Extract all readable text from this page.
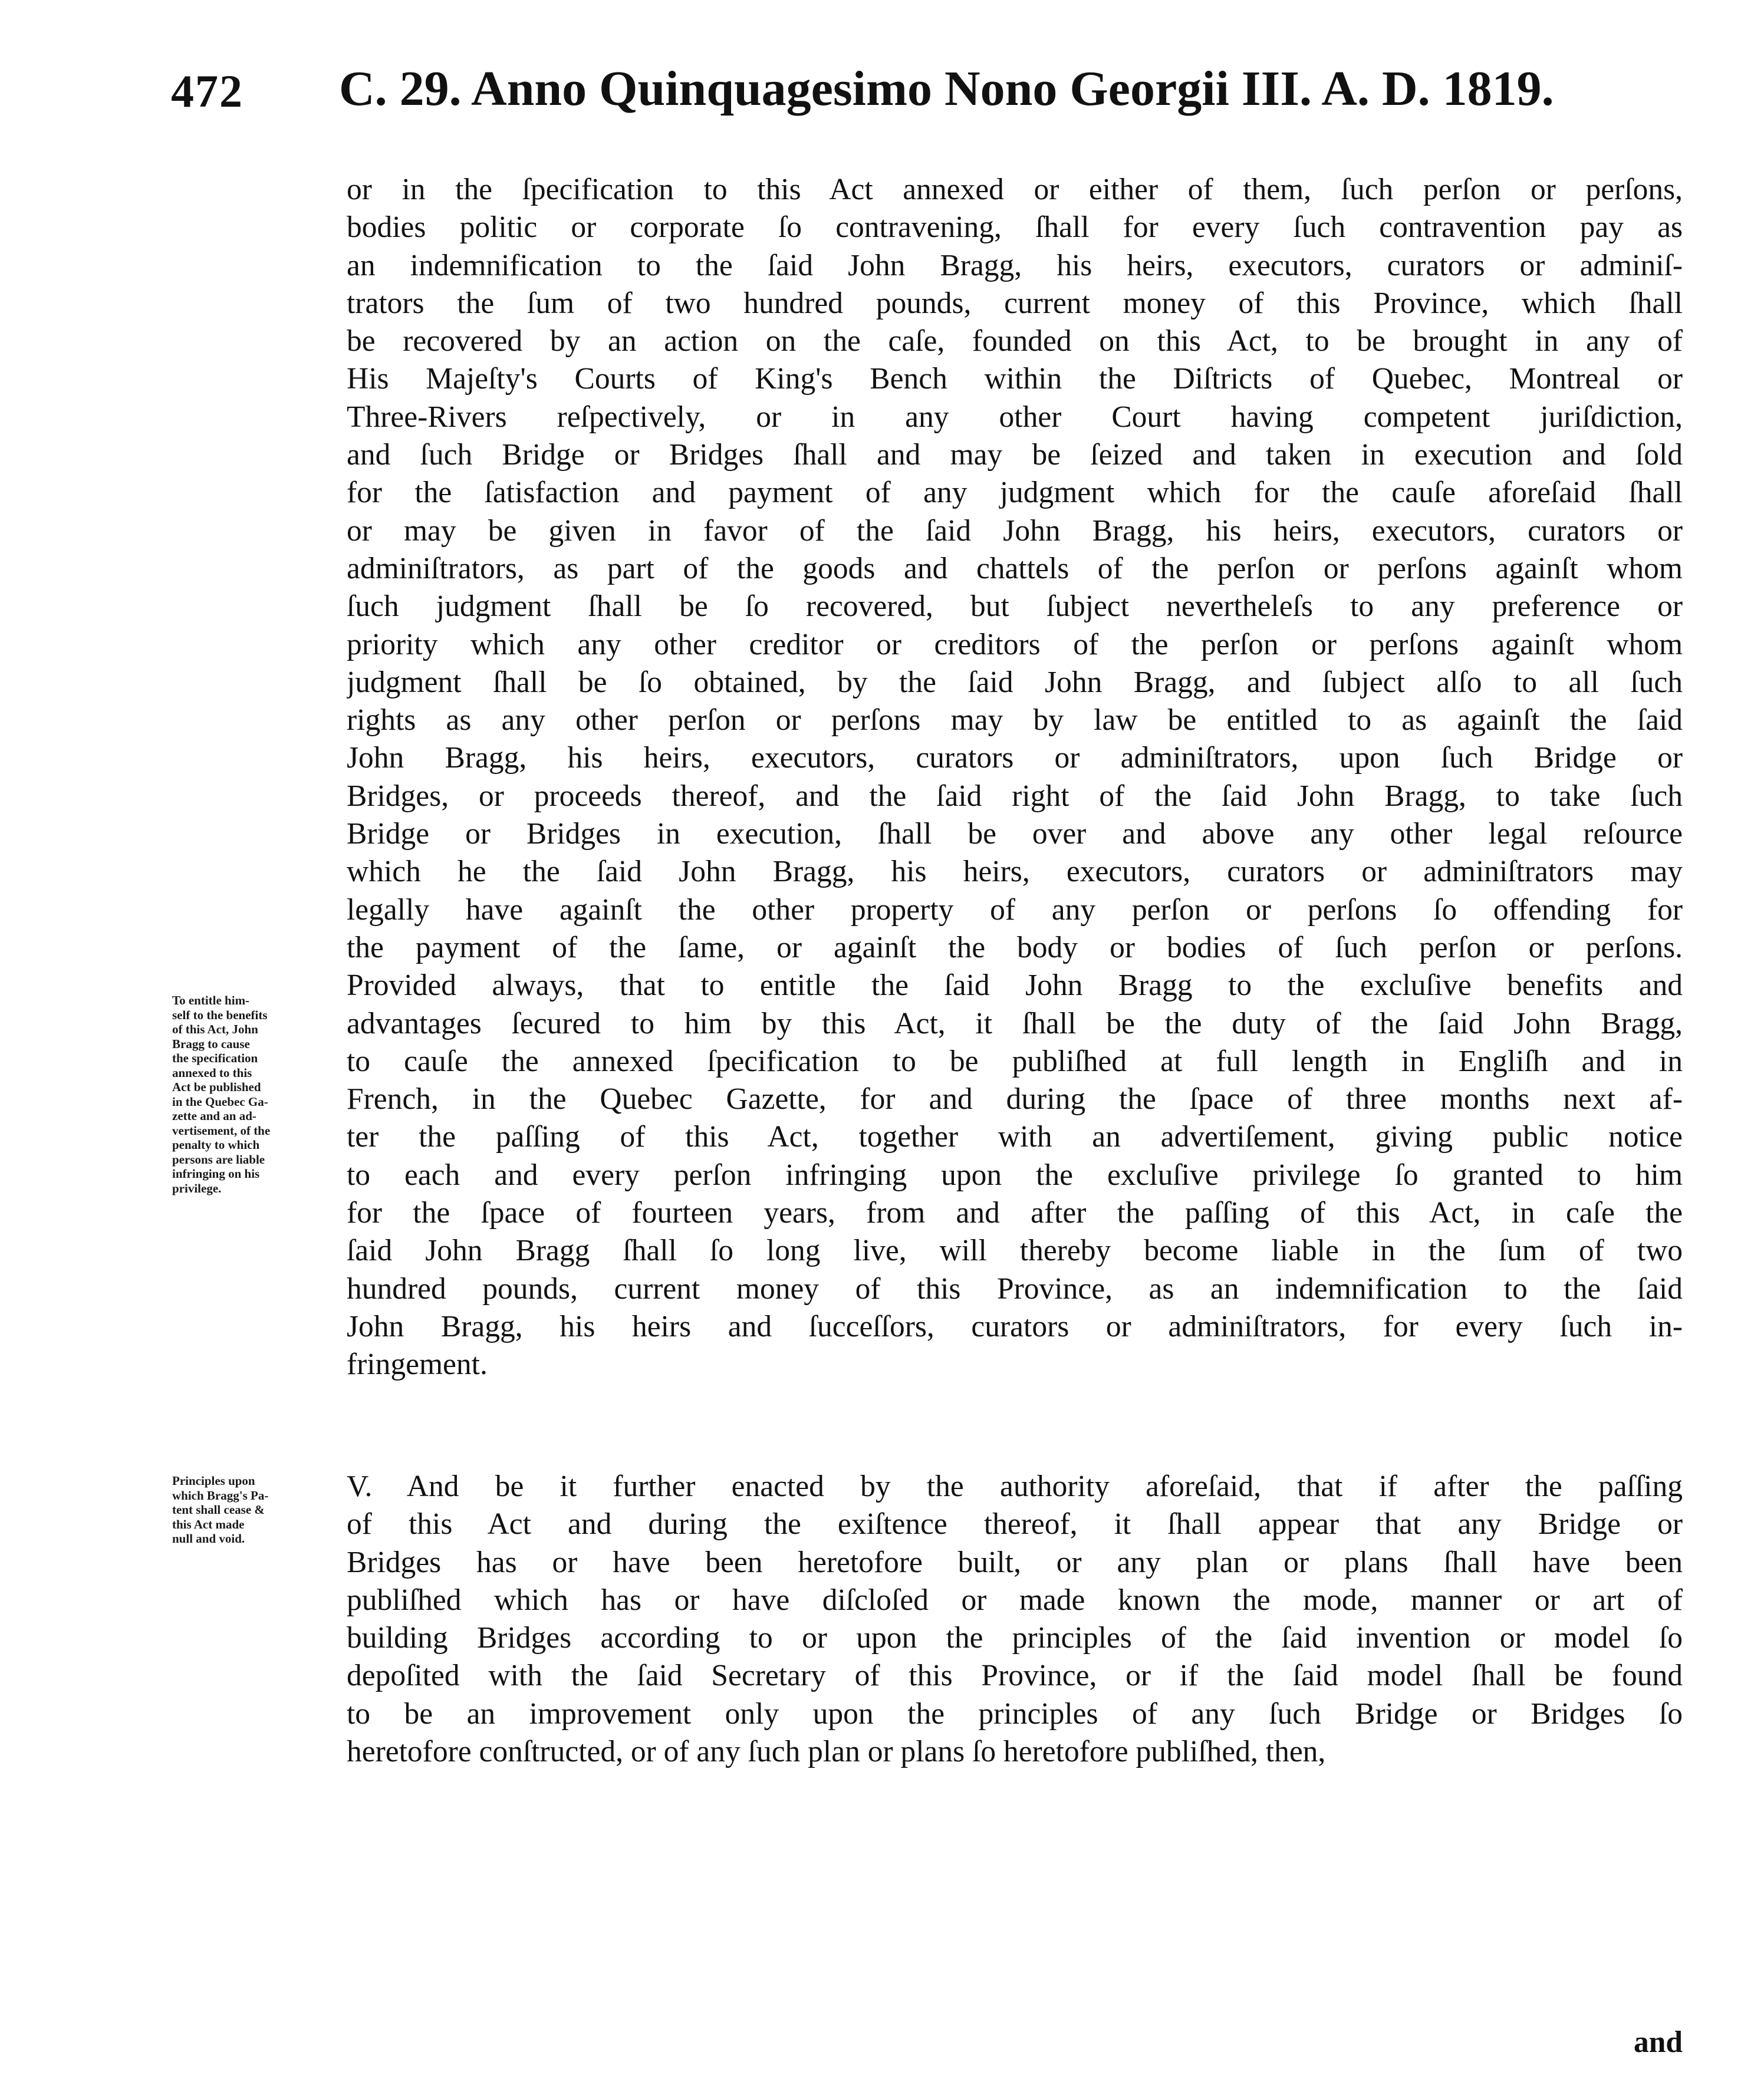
472 C. 29. Anno Quinquagesimo Nono Georgii III. A. D. 1819.
To entitle him-
self to the benefits
of this Act, John
Bragg to cause
the specification
annexed to this
Act be published
in the Quebec Ga-
zette and an ad-
vertisement, of the
penalty to which
persons are liable
infringing on his
privilege.
Principles upon
which Bragg's Pa-
tent shall cease &
this Act made
null and void.
or in the ſpecification to this Act annexed or either of them, ſuch perſon or perſons,
bodies politic or corporate ſo contravening, ſhall for every ſuch contravention pay as
an indemnification to the ſaid John Bragg, his heirs, executors, curators or adminiſ-
trators the ſum of two hundred pounds, current money of this Province, which ſhall
be recovered by an action on the caſe, founded on this Act, to be brought in any of
His Majeſty's Courts of King's Bench within the Diſtricts of Quebec, Montreal or
Three-Rivers reſpectively, or in any other Court having competent juriſdiction,
and ſuch Bridge or Bridges ſhall and may be ſeized and taken in execution and ſold
for the ſatisfaction and payment of any judgment which for the cauſe aforeſaid ſhall
or may be given in favor of the ſaid John Bragg, his heirs, executors, curators or
adminiſtrators, as part of the goods and chattels of the perſon or perſons againſt whom
ſuch judgment ſhall be ſo recovered, but ſubject nevertheleſs to any preference or
priority which any other creditor or creditors of the perſon or perſons againſt whom
judgment ſhall be ſo obtained, by the ſaid John Bragg, and ſubject alſo to all ſuch
rights as any other perſon or perſons may by law be entitled to as againſt the ſaid
John Bragg, his heirs, executors, curators or adminiſtrators, upon ſuch Bridge or
Bridges, or proceeds thereof, and the ſaid right of the ſaid John Bragg, to take ſuch
Bridge or Bridges in execution, ſhall be over and above any other legal reſource
which he the ſaid John Bragg, his heirs, executors, curators or adminiſtrators may
legally have againſt the other property of any perſon or perſons ſo offending for
the payment of the ſame, or againſt the body or bodies of ſuch perſon or perſons.
Provided always, that to entitle the ſaid John Bragg to the excluſive benefits and
advantages ſecured to him by this Act, it ſhall be the duty of the ſaid John Bragg,
to cauſe the annexed ſpecification to be publiſhed at full length in Engliſh and in
French, in the Quebec Gazette, for and during the ſpace of three months next af-
ter the paſſing of this Act, together with an advertiſement, giving public notice
to each and every perſon infringing upon the excluſive privilege ſo granted to him
for the ſpace of fourteen years, from and after the paſſing of this Act, in caſe the
ſaid John Bragg ſhall ſo long live, will thereby become liable in the ſum of two
hundred pounds, current money of this Province, as an indemnification to the ſaid
John Bragg, his heirs and ſucceſſors, curators or adminiſtrators, for every ſuch in-
fringement.
V. And be it further enacted by the authority aforeſaid, that if after the paſſing
of this Act and during the exiſtence thereof, it ſhall appear that any Bridge or
Bridges has or have been heretofore built, or any plan or plans ſhall have been
publiſhed which has or have diſcloſed or made known the mode, manner or art of
building Bridges according to or upon the principles of the ſaid invention or model ſo
depoſited with the ſaid Secretary of this Province, or if the ſaid model ſhall be found
to be an improvement only upon the principles of any ſuch Bridge or Bridges ſo
heretofore conſtructed, or of any ſuch plan or plans ſo heretofore publiſhed, then,
and
